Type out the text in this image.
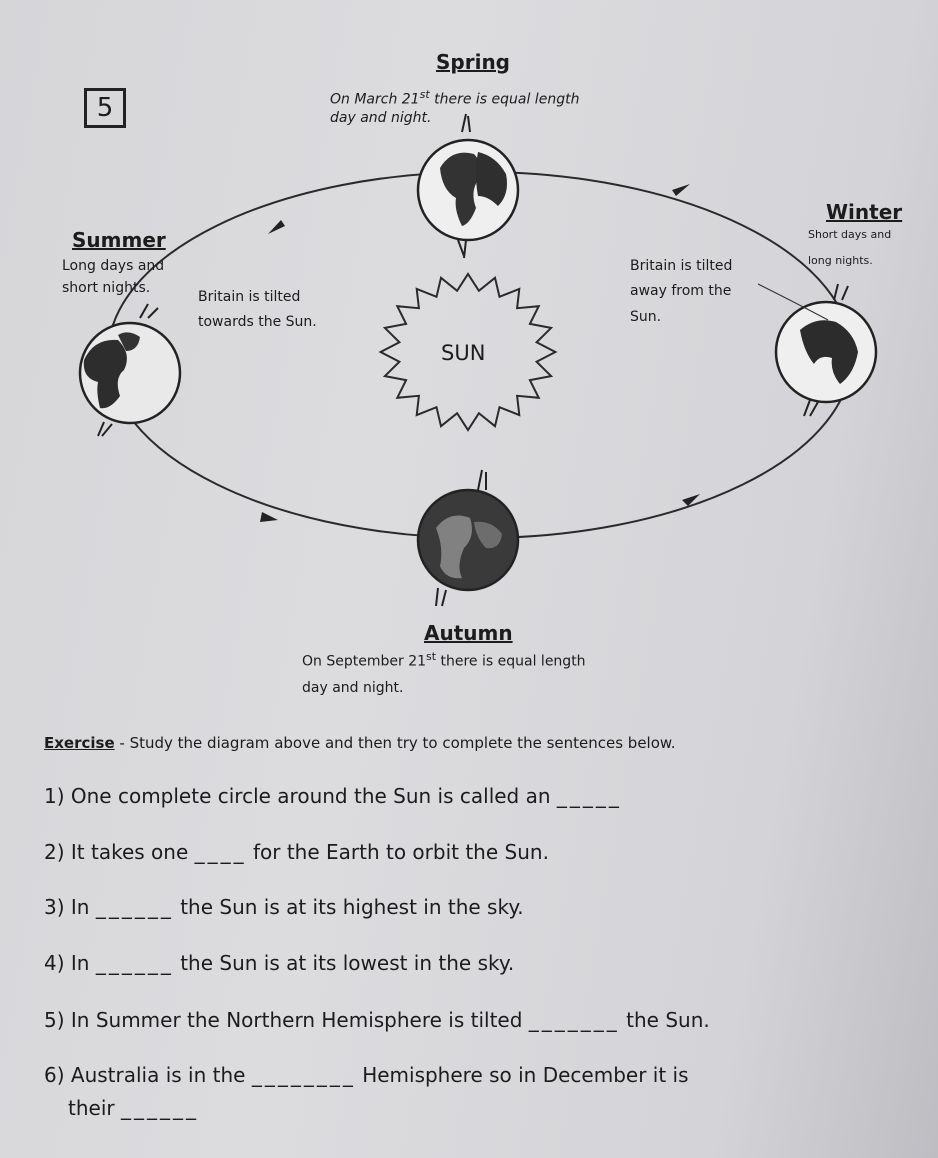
5

Spring

On March 21st there is equal length

day and night.

Summer

Long days and

short nights.

Britain is tilted

towards the Sun.

SUN

Britain is tilted

away from the

Sun.

Winter

Short days and

long nights.

Autumn

On September 21st there is equal length

day and night.

Exercise - Study the diagram above and then try to complete the sentences below.

1) One complete circle around the Sun is called an _____

2) It takes one ____ for the Earth to orbit the Sun.

3) In ______ the Sun is at its highest in the sky.

4) In ______ the Sun is at its lowest in the sky.

5) In Summer the Northern Hemisphere is tilted _______ the Sun.

6) Australia is in the ________ Hemisphere so in December it is

their ______
